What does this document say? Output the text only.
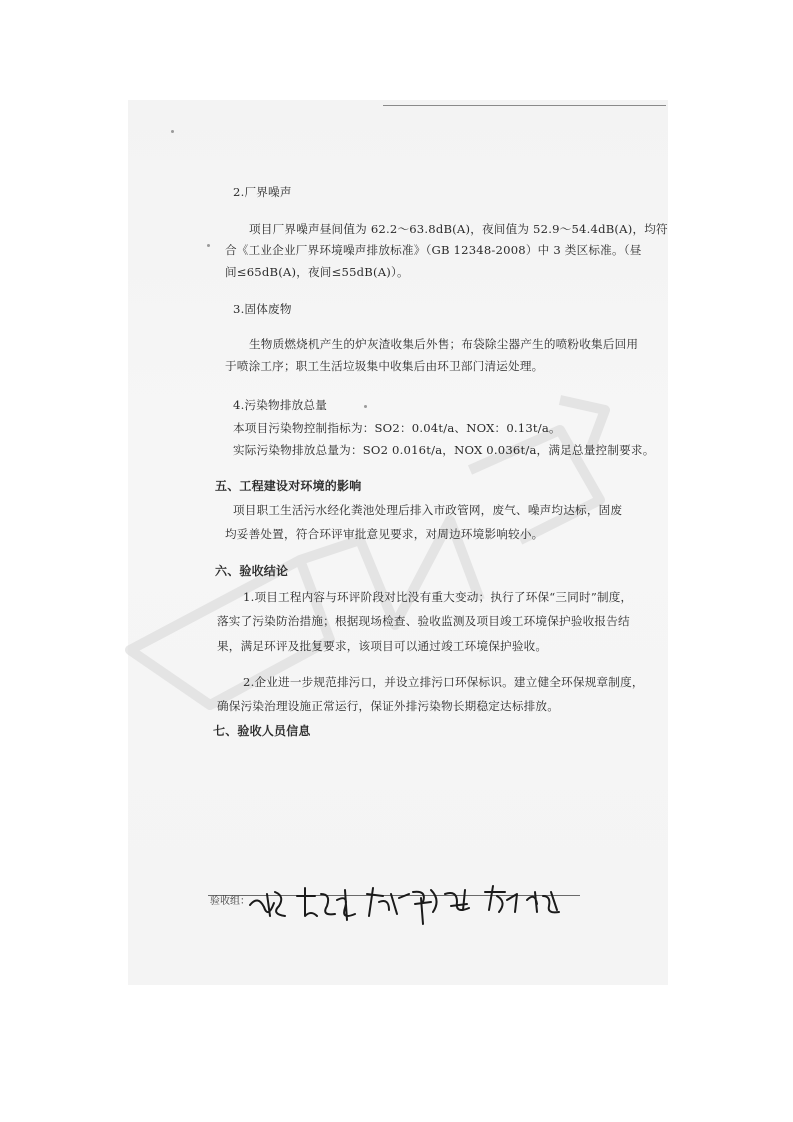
2.厂界噪声
项目厂界噪声昼间值为 62.2～63.8dB(A)，夜间值为 52.9～54.4dB(A)，均符
合《工业企业厂界环境噪声排放标准》（GB 12348-2008）中 3 类区标准。（昼
间≤65dB(A)，夜间≤55dB(A)）。
3.固体废物
生物质燃烧机产生的炉灰渣收集后外售；布袋除尘器产生的喷粉收集后回用
于喷涂工序；职工生活垃圾集中收集后由环卫部门清运处理。
4.污染物排放总量
本项目污染物控制指标为：SO2：0.04t/a、NOX：0.13t/a。
实际污染物排放总量为：SO2 0.016t/a，NOX 0.036t/a，满足总量控制要求。
五、工程建设对环境的影响
项目职工生活污水经化粪池处理后排入市政管网，废气、噪声均达标，固废
均妥善处置，符合环评审批意见要求，对周边环境影响较小。
六、验收结论
1.项目工程内容与环评阶段对比没有重大变动；执行了环保“三同时”制度，
落实了污染防治措施；根据现场检查、验收监测及项目竣工环境保护验收报告结
果，满足环评及批复要求，该项目可以通过竣工环境保护验收。
2.企业进一步规范排污口，并设立排污口环保标识。建立健全环保规章制度，
确保污染治理设施正常运行，保证外排污染物长期稳定达标排放。
七、验收人员信息
验收组：
